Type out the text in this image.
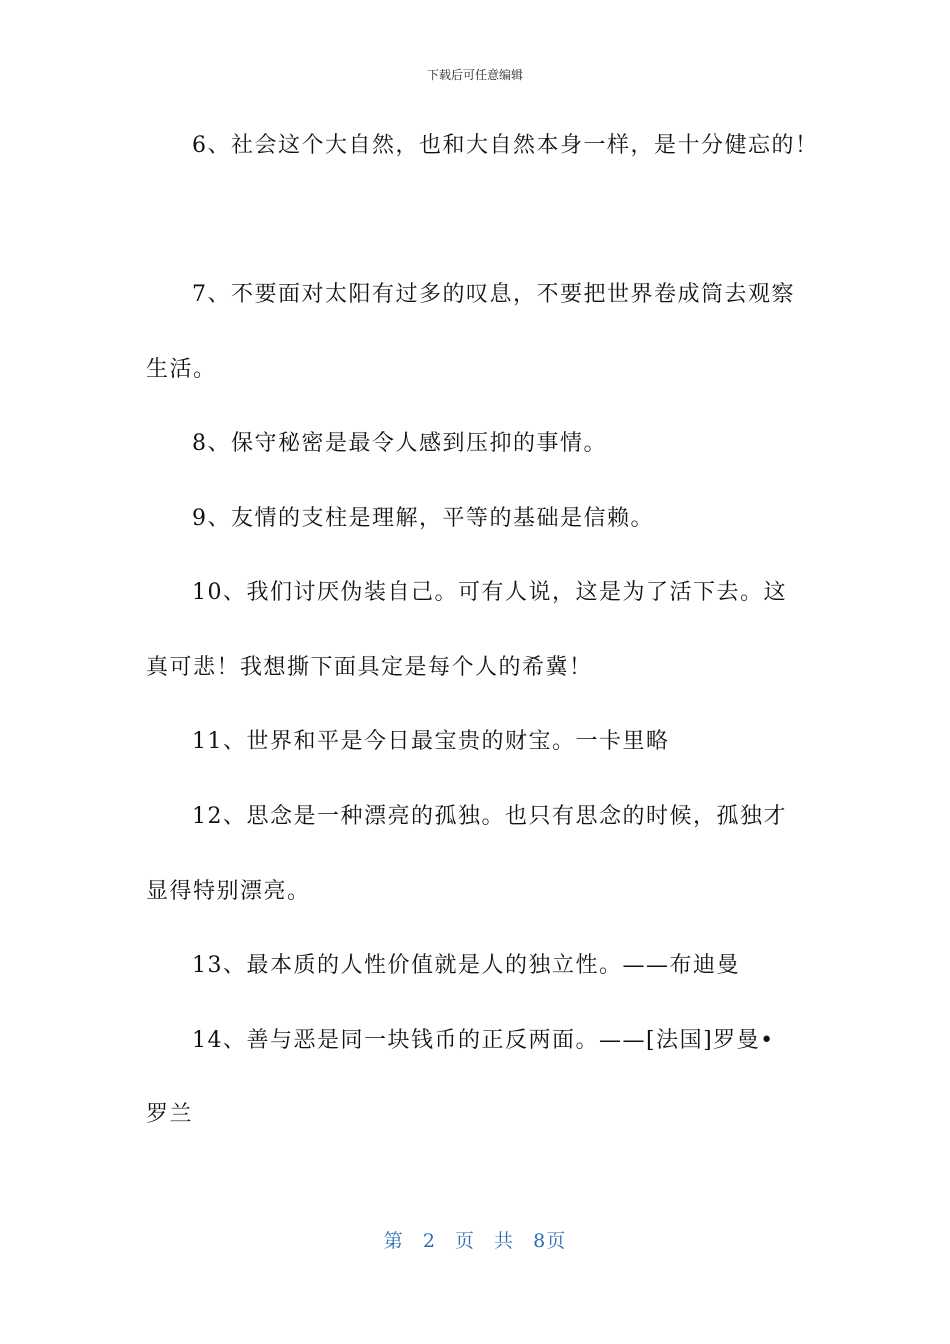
下载后可任意编辑
6、社会这个大自然，也和大自然本身一样，是十分健忘的！
7、不要面对太阳有过多的叹息，不要把世界卷成筒去观察
生活。
8、保守秘密是最令人感到压抑的事情。
9、友情的支柱是理解，平等的基础是信赖。
10、我们讨厌伪装自己。可有人说，这是为了活下去。这
真可悲！我想撕下面具定是每个人的希冀！
11、世界和平是今日最宝贵的财宝。一卡里略
12、思念是一种漂亮的孤独。也只有思念的时候，孤独才
显得特别漂亮。
13、最本质的人性价值就是人的独立性。——布迪曼
14、善与恶是同一块钱币的正反两面。——[法国]罗曼•
罗兰
第 2 页 共 8页
